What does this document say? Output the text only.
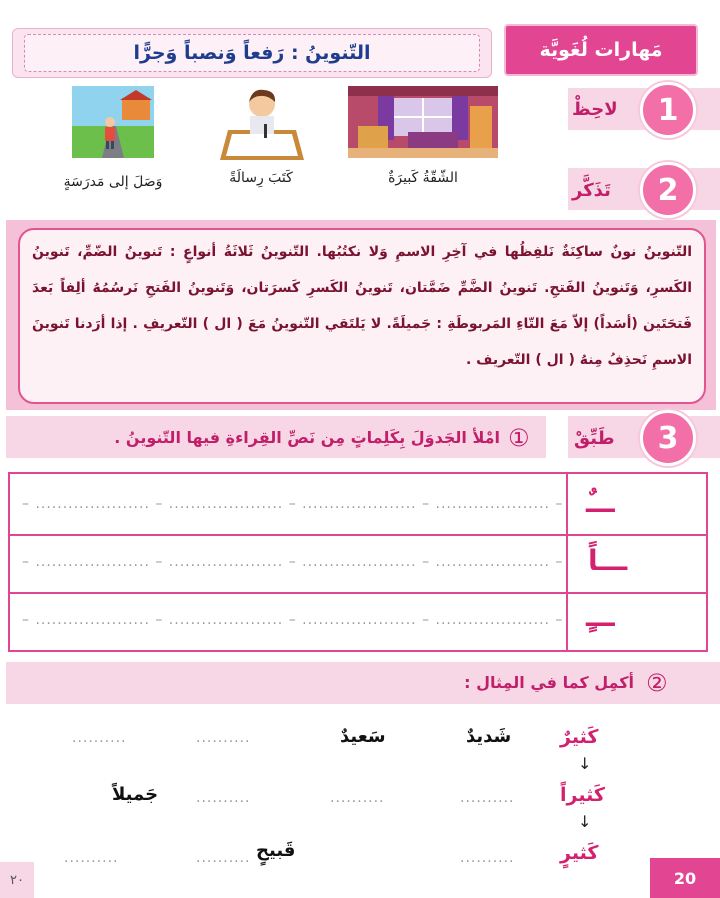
التّنوينُ : رَفعاً وَنصباً وَجرًّا	مَهارات لُغَويَّة
1
لاحِظْ
الشّقّةُ كَبيرَةٌ
كَتَبَ رِسالَةً
وَصَلَ إلى مَدرَسَةٍ	2
تَذَكَّر
التّنوينُ نونٌ ساكِنَةٌ نَلفِظُها في آخِرِ الاسمِ وَلا نكتُبُها. التّنوينُ ثَلاثَةُ أنواعٍ : تَنوينُ الضّمِّ، تَنوينُ الكَسرِ، وَتَنوينُ الفَتحِ. تَنوينُ الضَّمِّ ضَمَّتان، تَنوينُ الكَسرِ كَسرَتان، وَتَنوينُ الفَتحِ نَرسُمُهُ ألِفاً بَعدَ فَتحَتَين (أسَداً) إلاّ مَعَ التّاءِ المَربوطَةِ : جَميلَةً. لا يَلتَقي التّنوينُ مَعَ ( ال ) التّعريفِ . إذا أرَدنا تَنوينَ الاسمِ نَحذِفُ مِنهُ ( ال ) التّعريف .
3
طَبِّقْ
①
امْلأ الجَدوَلَ بِكَلِماتٍ مِن نَصِّ القِراءةِ فيها التّنوينُ .
ـــٌ
ـــاً
ـــٍ
– ..................... – ..................... – ..................... – ..................... –
– ..................... – ..................... – ..................... – ..................... –
– ..................... – ..................... – ..................... – ..................... –
②
أكمِل كما في المِثال :
كَثيرٌ
شَديدٌ
سَعيدٌ
..........
..........
↓
كَثيراً
..........
..........
..........
جَميلاً
↓
كَثيرٍ
..........
قَبيحٍ
..........
..........
20
٢٠
